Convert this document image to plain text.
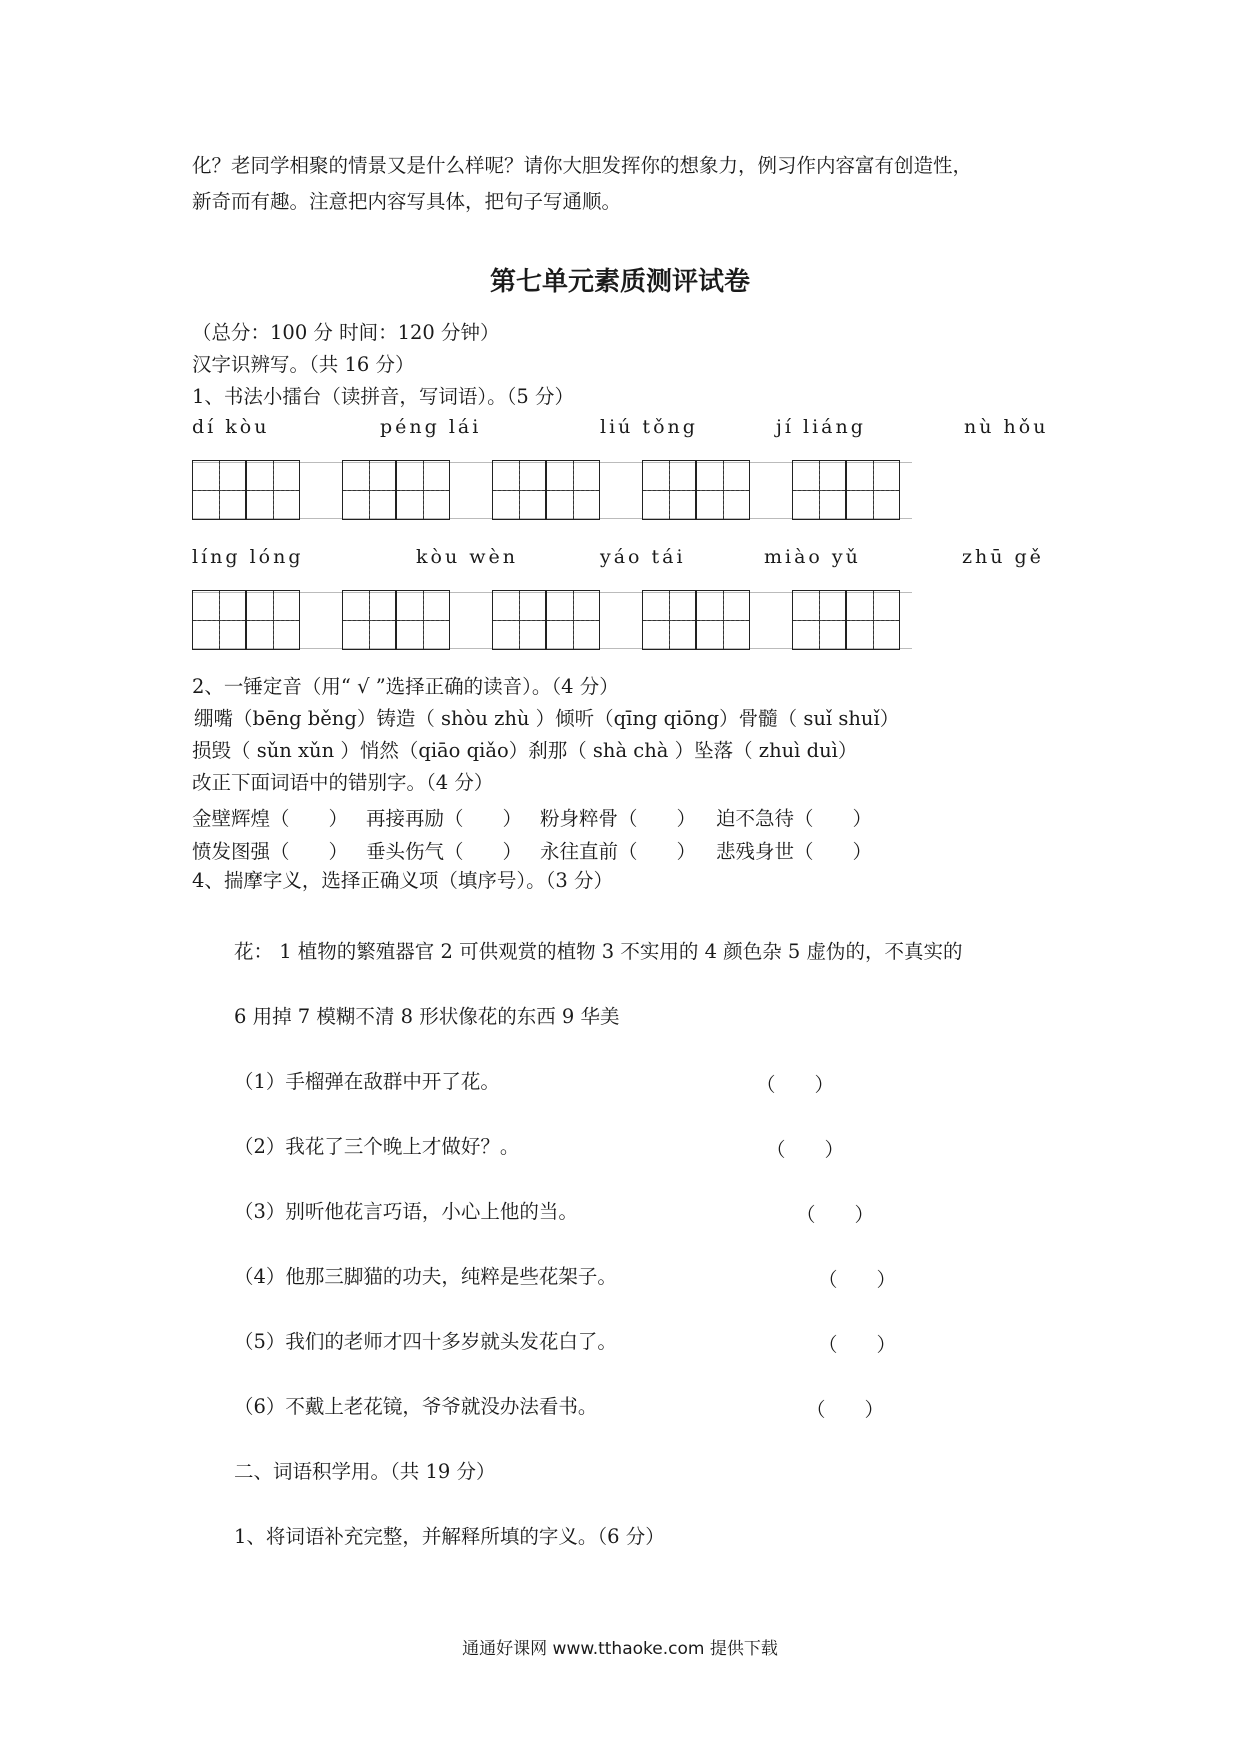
化？老同学相聚的情景又是什么样呢？请你大胆发挥你的想象力，例习作内容富有创造性，
新奇而有趣。注意把内容写具体，把句子写通顺。
第七单元素质测评试卷
（总分：100 分 时间：120 分钟）
汉字识辨写。（共 16 分）
1、书法小擂台（读拼音，写词语）。（5 分）
dí kòu	péng lái	liú tǒng	jí liáng	nù hǒu
líng lóng	kòu wèn	yáo tái	miào yǔ	zhū gě
2、一锤定音（用“ √ ”选择正确的读音）。（4 分）
绷嘴（bēng běng）铸造（ shòu zhù ）倾听（qīng qiōng）骨髓（ suǐ shuǐ）
损毁（ sǔn xǔn ）悄然（qiāo qiǎo）刹那（ shà chà ）坠落（ zhuì duì）
改正下面词语中的错别字。（4 分）
金壁辉煌（　　） 再接再励（　　） 粉身粹骨（　　） 迫不急待（　　）
愤发图强（　　） 垂头伤气（　　） 永往直前（　　） 悲残身世（　　）
4、揣摩字义，选择正确义项（填序号）。（3 分）
花： 1 植物的繁殖器官 2 可供观赏的植物 3 不实用的 4 颜色杂 5 虚伪的，不真实的
6 用掉 7 模糊不清 8 形状像花的东西 9 华美
（1）手榴弹在敌群中开了花。	（　　）
（2）我花了三个晚上才做好？。	（　　）
（3）别听他花言巧语，小心上他的当。	（　　）
（4）他那三脚猫的功夫，纯粹是些花架子。	（　　）
（5）我们的老师才四十多岁就头发花白了。	（　　）
（6）不戴上老花镜，爷爷就没办法看书。	（　　）
二、词语积学用。（共 19 分）
1、将词语补充完整，并解释所填的字义。（6 分）
通通好课网 www.tthaoke.com 提供下载
